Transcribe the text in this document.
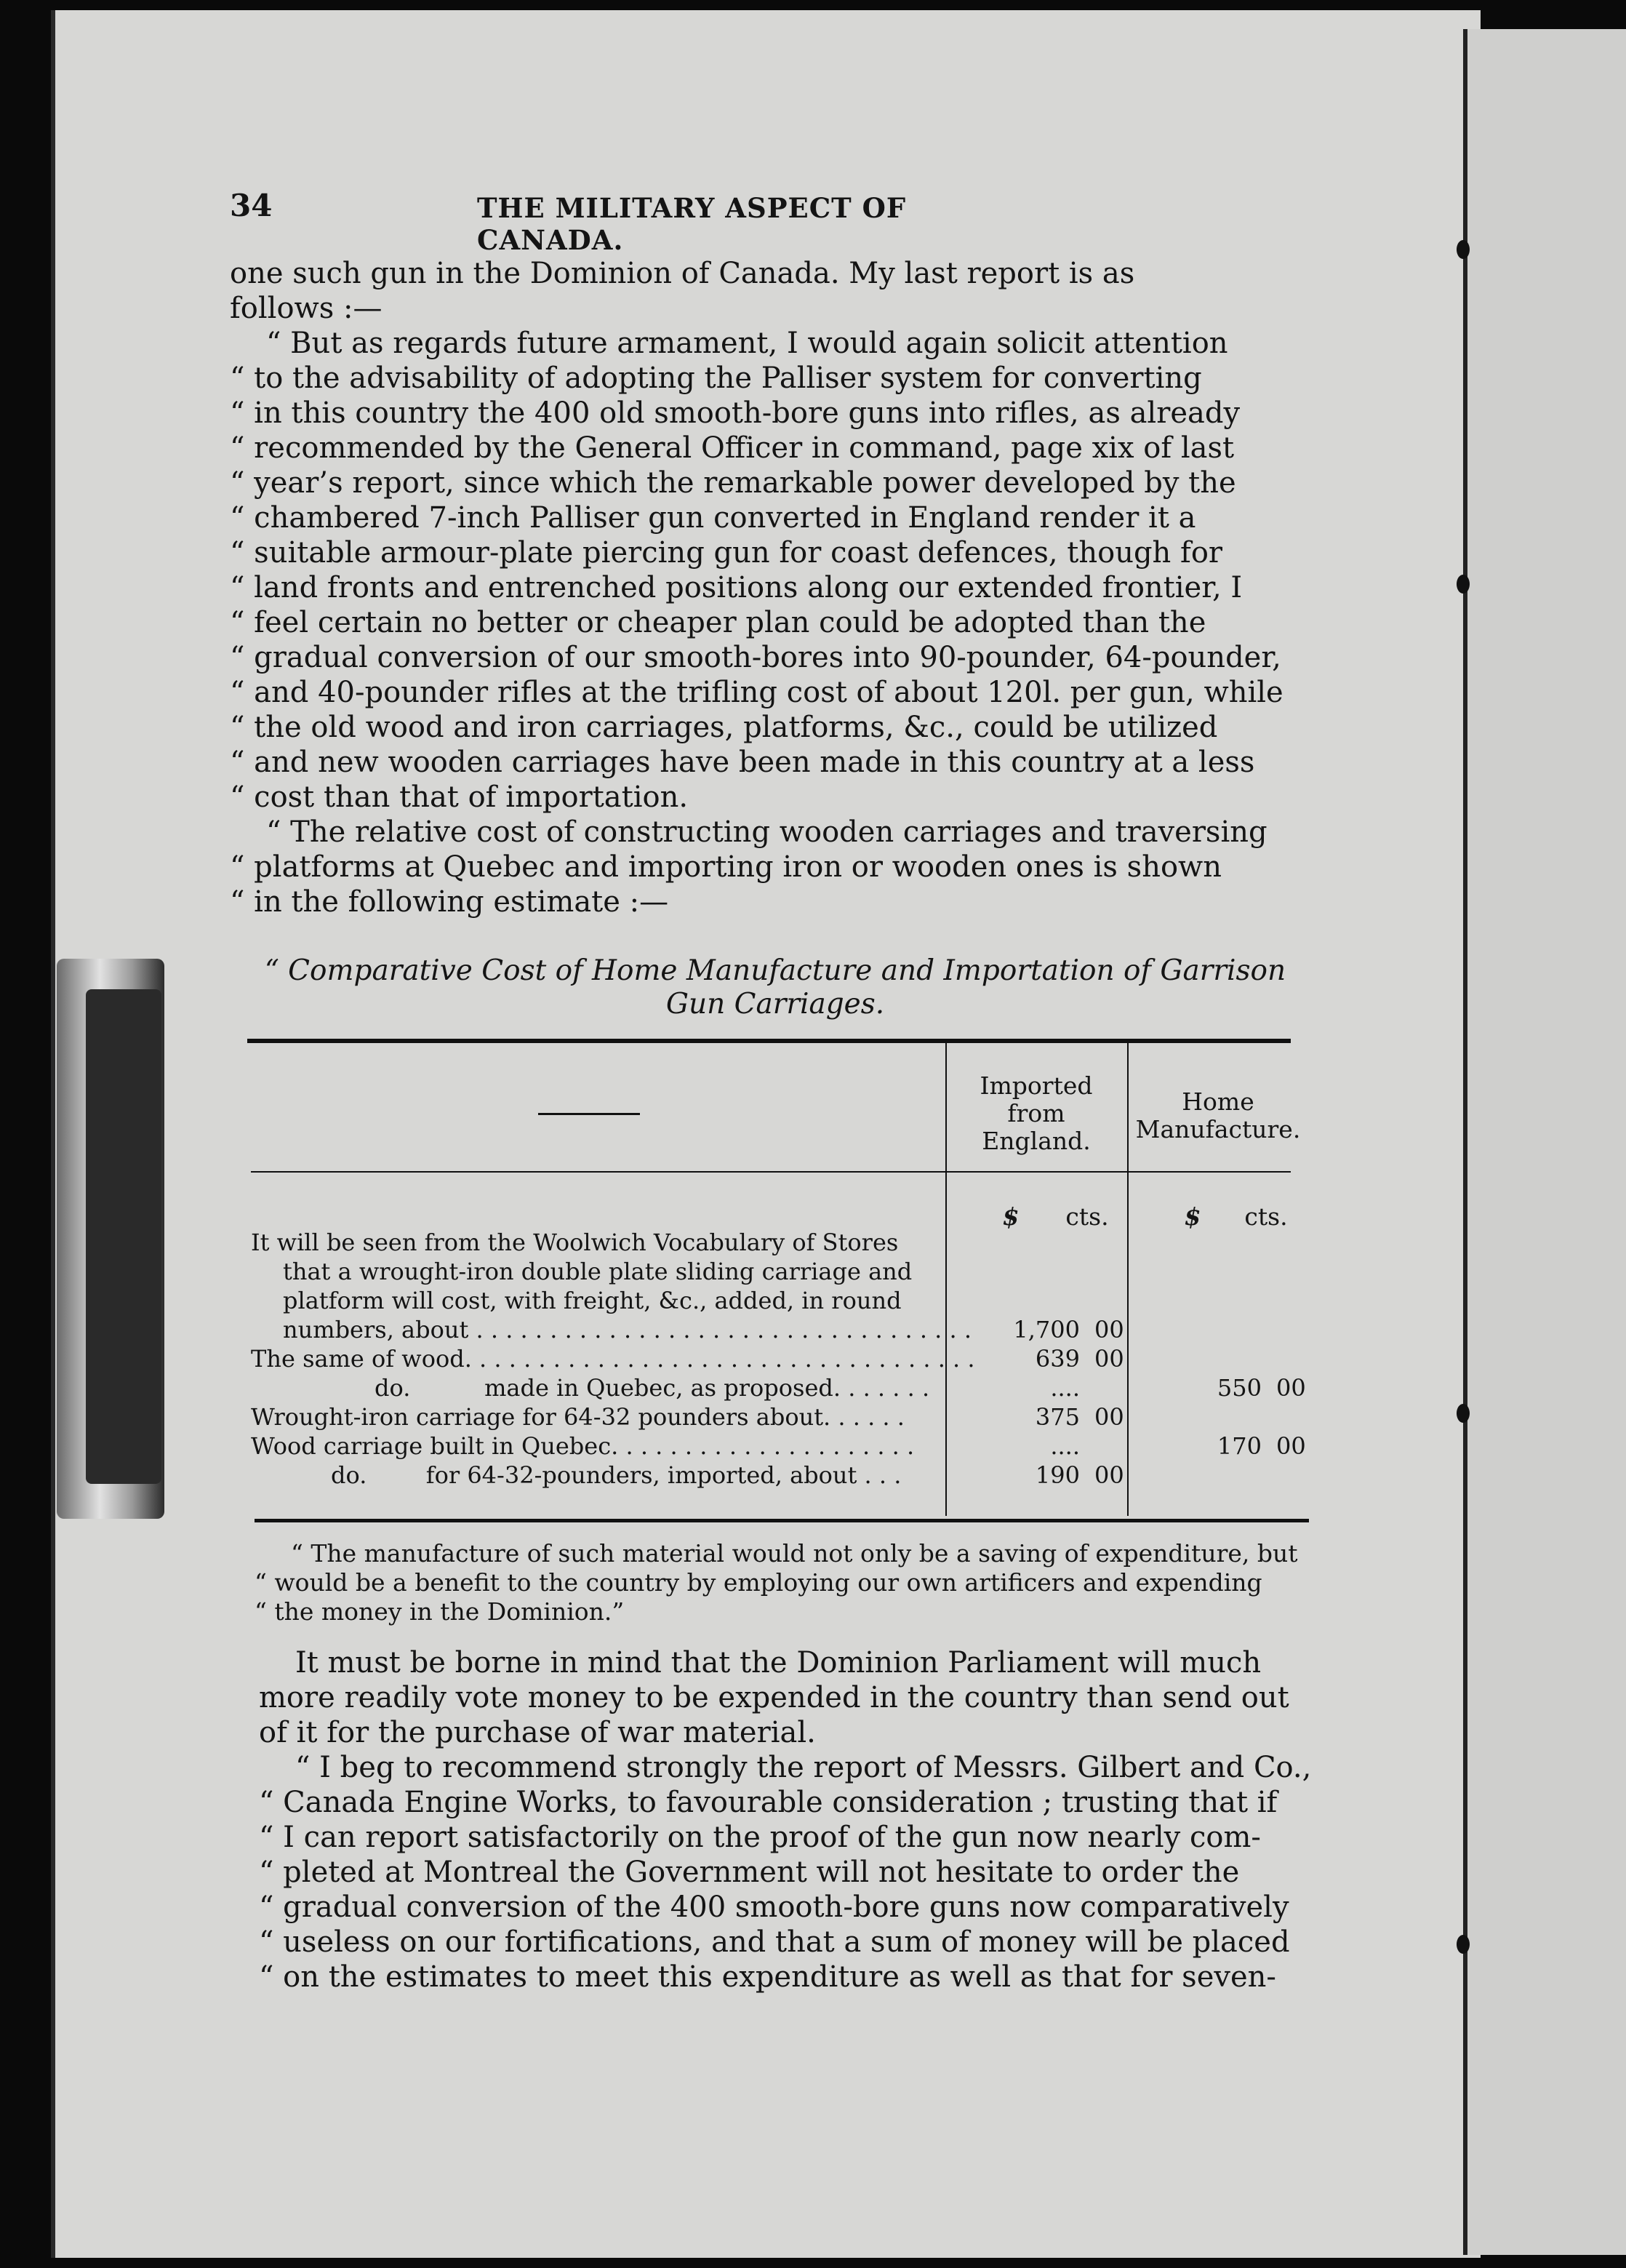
34	THE MILITARY ASPECT OF CANADA.

one such gun in the Dominion of Canada. My last report is as
follows :—

“ But as regards future armament, I would again solicit attention
“ to the advisability of adopting the Palliser system for converting
“ in this country the 400 old smooth-bore guns into rifles, as already
“ recommended by the General Officer in command, page xix of last
“ year’s report, since which the remarkable power developed by the
“ chambered 7-inch Palliser gun converted in England render it a
“ suitable armour-plate piercing gun for coast defences, though for
“ land fronts and entrenched positions along our extended frontier, I
“ feel certain no better or cheaper plan could be adopted than the
“ gradual conversion of our smooth-bores into 90-pounder, 64-pounder,
“ and 40-pounder rifles at the trifling cost of about 120l. per gun, while
“ the old wood and iron carriages, platforms, &c., could be utilized
“ and new wooden carriages have been made in this country at a less
“ cost than that of importation.

“ The relative cost of constructing wooden carriages and traversing
“ platforms at Quebec and importing iron or wooden ones is shown
“ in the following estimate :—

“ Comparative Cost of Home Manufacture and Importation of Garrison
Gun Carriages.
Imported
from
England.
Home
Manufacture.
$ cts.	$ cts.
It will be seen from the Woolwich Vocabulary of Stores
that a wrought-iron double plate sliding carriage and
platform will cost, with freight, &c., added, in round
numbers, about . . . . . . . . . . . . . . . . . . . . . . . . . . . . . . . . . .	1,700 00
The same of wood. . . . . . . . . . . . . . . . . . . . . . . . . . . . . . . . . . .	639 00
do.          made in Quebec, as proposed. . . . . . .	....	550 00
Wrought-iron carriage for 64-32 pounders about. . . . . .	375 00
Wood carriage built in Quebec. . . . . . . . . . . . . . . . . . . . .	....	170 00
do.        for 64-32-pounders, imported, about . . .	190 00
“ The manufacture of such material would not only be a saving of expenditure, but
“ would be a benefit to the country by employing our own artificers and expending
“ the money in the Dominion.”

It must be borne in mind that the Dominion Parliament will much
more readily vote money to be expended in the country than send out
of it for the purchase of war material.

“ I beg to recommend strongly the report of Messrs. Gilbert and Co.,
“ Canada Engine Works, to favourable consideration ; trusting that if
“ I can report satisfactorily on the proof of the gun now nearly com-
“ pleted at Montreal the Government will not hesitate to order the
“ gradual conversion of the 400 smooth-bore guns now comparatively
“ useless on our fortifications, and that a sum of money will be placed
“ on the estimates to meet this expenditure as well as that for seven-
